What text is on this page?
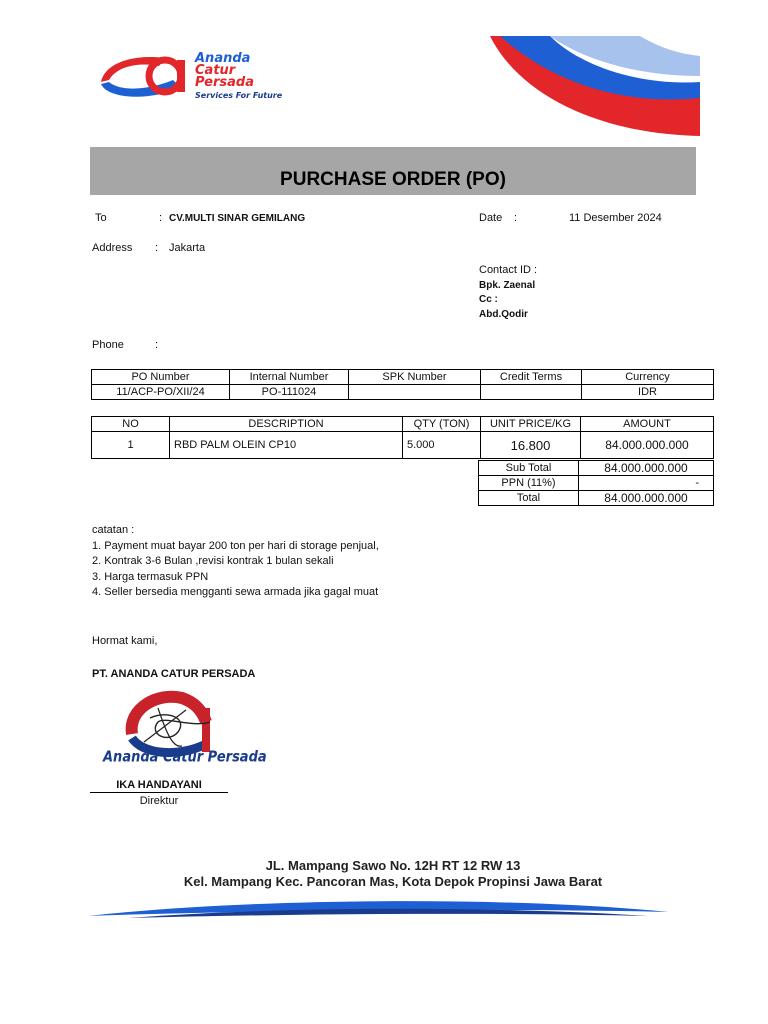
Ananda
Catur
Persada
Services For Future
PURCHASE ORDER (PO)
To	: CV.MULTI SINAR GEMILANG	Date :	11 Desember 2024
Address : Jakarta
Contact ID :
Bpk. Zaenal
Cc :
Abd.Qodir
Phone	:
PO Number	Internal Number	SPK Number	Credit Terms	Currency
11/ACP-PO/XII/24	PO-111024			IDR
NO	DESCRIPTION	QTY (TON)	UNIT PRICE/KG	AMOUNT
1	RBD PALM OLEIN CP10	5.000	16.800	84.000.000.000
Sub Total	84.000.000.000
PPN (11%)	-
Total	84.000.000.000
catatan :
1. Payment muat bayar 200 ton per hari di storage penjual,
2. Kontrak 3-6 Bulan ,revisi kontrak 1 bulan sekali
3. Harga termasuk PPN
4. Seller bersedia mengganti sewa armada jika gagal muat
Hormat kami,
PT. ANANDA CATUR PERSADA
Ananda Catur Persada
IKA HANDAYANI
Direktur
JL. Mampang Sawo No. 12H RT 12 RW 13
Kel. Mampang Kec. Pancoran Mas, Kota Depok Propinsi Jawa Barat
